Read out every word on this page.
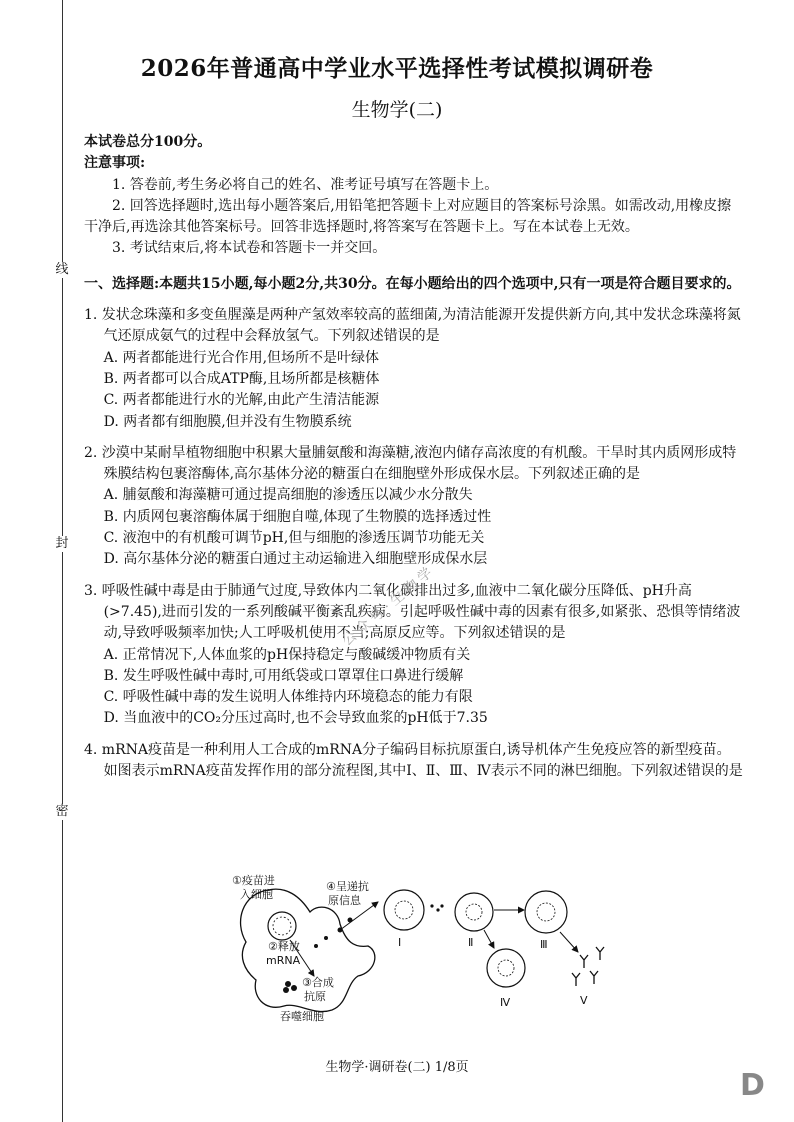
线
封
密
2026年普通高中学业水平选择性考试模拟调研卷
生物学(二)

本试卷总分100分。

注意事项:

1. 答卷前,考生务必将自己的姓名、准考证号填写在答题卡上。

2. 回答选择题时,选出每小题答案后,用铅笔把答题卡上对应题目的答案标号涂黑。如需改动,用橡皮擦干净后,再选涂其他答案标号。回答非选择题时,将答案写在答题卡上。写在本试卷上无效。

3. 考试结束后,将本试卷和答题卡一并交回。

一、选择题:本题共15小题,每小题2分,共30分。在每小题给出的四个选项中,只有一项是符合题目要求的。

1. 发状念珠藻和多变鱼腥藻是两种产氢效率较高的蓝细菌,为清洁能源开发提供新方向,其中发状念珠藻将氮气还原成氨气的过程中会释放氢气。下列叙述错误的是

A. 两者都能进行光合作用,但场所不是叶绿体

B. 两者都可以合成ATP酶,且场所都是核糖体

C. 两者都能进行水的光解,由此产生清洁能源

D. 两者都有细胞膜,但并没有生物膜系统

2. 沙漠中某耐旱植物细胞中积累大量脯氨酸和海藻糖,液泡内储存高浓度的有机酸。干旱时其内质网形成特殊膜结构包裹溶酶体,高尔基体分泌的糖蛋白在细胞壁外形成保水层。下列叙述正确的是

A. 脯氨酸和海藻糖可通过提高细胞的渗透压以减少水分散失

B. 内质网包裹溶酶体属于细胞自噬,体现了生物膜的选择透过性

C. 液泡中的有机酸可调节pH,但与细胞的渗透压调节功能无关

D. 高尔基体分泌的糖蛋白通过主动运输进入细胞壁形成保水层

3. 呼吸性碱中毒是由于肺通气过度,导致体内二氧化碳排出过多,血液中二氧化碳分压降低、pH升高(>7.45),进而引发的一系列酸碱平衡紊乱疾病。引起呼吸性碱中毒的因素有很多,如紧张、恐惧等情绪波动,导致呼吸频率加快;人工呼吸机使用不当;高原反应等。下列叙述错误的是

A. 正常情况下,人体血浆的pH保持稳定与酸碱缓冲物质有关

B. 发生呼吸性碱中毒时,可用纸袋或口罩罩住口鼻进行缓解

C. 呼吸性碱中毒的发生说明人体维持内环境稳态的能力有限

D. 当血液中的CO₂分压过高时,也不会导致血浆的pH低于7.35

4. mRNA疫苗是一种利用人工合成的mRNA分子编码目标抗原蛋白,诱导机体产生免疫应答的新型疫苗。如图表示mRNA疫苗发挥作用的部分流程图,其中Ⅰ、Ⅱ、Ⅲ、Ⅳ表示不同的淋巴细胞。下列叙述错误的是

①疫苗进
入细胞
②释放
mRNA
③合成
抗原
④呈递抗
原信息
吞噬细胞
Ⅰ	Ⅱ	Ⅲ
Ⅳ	Ⅴ
公众号·生物学
生物学·调研卷(二) 1/8页
D
